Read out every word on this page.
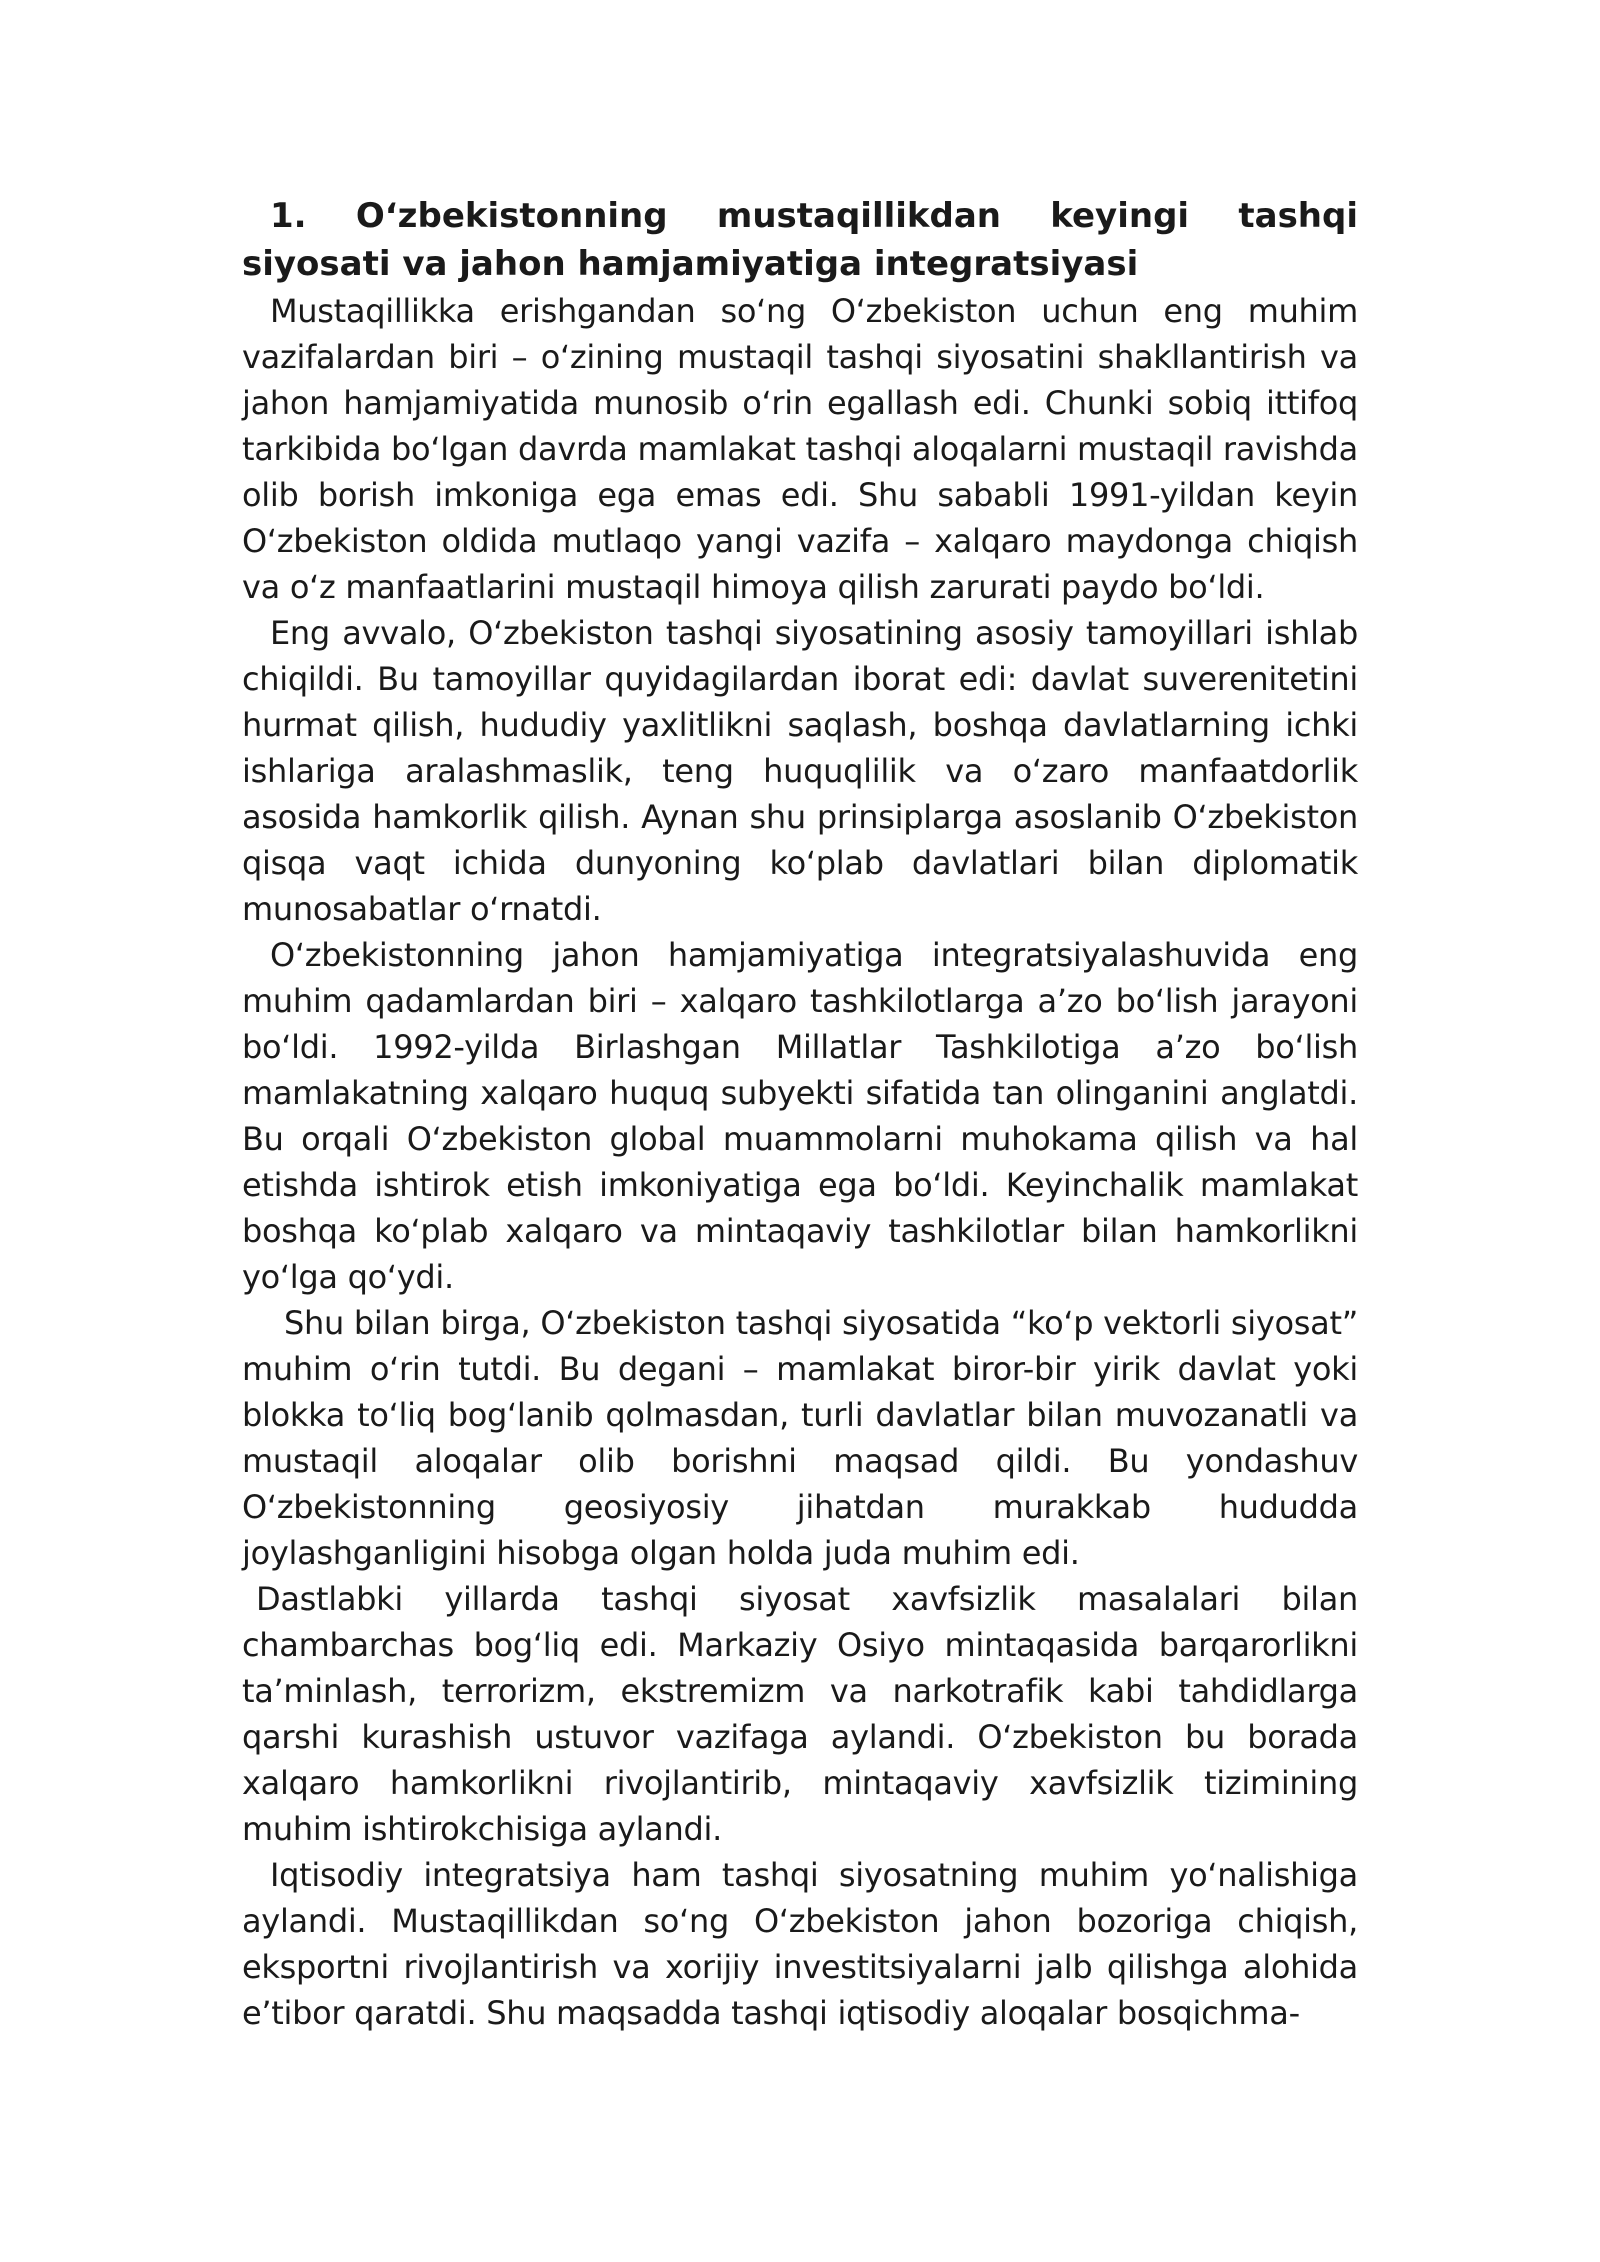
1. O‘zbekistonning mustaqillikdan keyingi tashqi siyosati va jahon hamjamiyatiga integratsiyasi

Mustaqillikka erishgandan so‘ng O‘zbekiston uchun eng muhim vazifalardan biri – o‘zining mustaqil tashqi siyosatini shakllantirish va jahon hamjamiyatida munosib o‘rin egallash edi. Chunki sobiq ittifoq tarkibida bo‘lgan davrda mamlakat tashqi aloqalarni mustaqil ravishda olib borish imkoniga ega emas edi. Shu sababli 1991-yildan keyin O‘zbekiston oldida mutlaqo yangi vazifa – xalqaro maydonga chiqish va o‘z manfaatlarini mustaqil himoya qilish zarurati paydo bo‘ldi.

Eng avvalo, O‘zbekiston tashqi siyosatining asosiy tamoyillari ishlab chiqildi. Bu tamoyillar quyidagilardan iborat edi: davlat suverenitetini hurmat qilish, hududiy yaxlitlikni saqlash, boshqa davlatlarning ichki ishlariga aralashmaslik, teng huquqlilik va o‘zaro manfaatdorlik asosida hamkorlik qilish. Aynan shu prinsiplarga asoslanib O‘zbekiston qisqa vaqt ichida dunyoning ko‘plab davlatlari bilan diplomatik munosabatlar o‘rnatdi.

O‘zbekistonning jahon hamjamiyatiga integratsiyalashuvida eng muhim qadamlardan biri – xalqaro tashkilotlarga a’zo bo‘lish jarayoni bo‘ldi. 1992-yilda Birlashgan Millatlar Tashkilotiga a’zo bo‘lish mamlakatning xalqaro huquq subyekti sifatida tan olinganini anglatdi. Bu orqali O‘zbekiston global muammolarni muhokama qilish va hal etishda ishtirok etish imkoniyatiga ega bo‘ldi. Keyinchalik mamlakat boshqa ko‘plab xalqaro va mintaqaviy tashkilotlar bilan hamkorlikni yo‘lga qo‘ydi.

Shu bilan birga, O‘zbekiston tashqi siyosatida “ko‘p vektorli siyosat” muhim o‘rin tutdi. Bu degani – mamlakat biror-bir yirik davlat yoki blokka to‘liq bog‘lanib qolmasdan, turli davlatlar bilan muvozanatli va mustaqil aloqalar olib borishni maqsad qildi. Bu yondashuv O‘zbekistonning geosiyosiy jihatdan murakkab hududda joylashganligini hisobga olgan holda juda muhim edi.

Dastlabki yillarda tashqi siyosat xavfsizlik masalalari bilan chambarchas bog‘liq edi. Markaziy Osiyo mintaqasida barqarorlikni ta’minlash, terrorizm, ekstremizm va narkotrafik kabi tahdidlarga qarshi kurashish ustuvor vazifaga aylandi. O‘zbekiston bu borada xalqaro hamkorlikni rivojlantirib, mintaqaviy xavfsizlik tizimining muhim ishtirokchisiga aylandi.

Iqtisodiy integratsiya ham tashqi siyosatning muhim yo‘nalishiga aylandi. Mustaqillikdan so‘ng O‘zbekiston jahon bozoriga chiqish, eksportni rivojlantirish va xorijiy investitsiyalarni jalb qilishga alohida e’tibor qaratdi. Shu maqsadda tashqi iqtisodiy aloqalar bosqichma-
